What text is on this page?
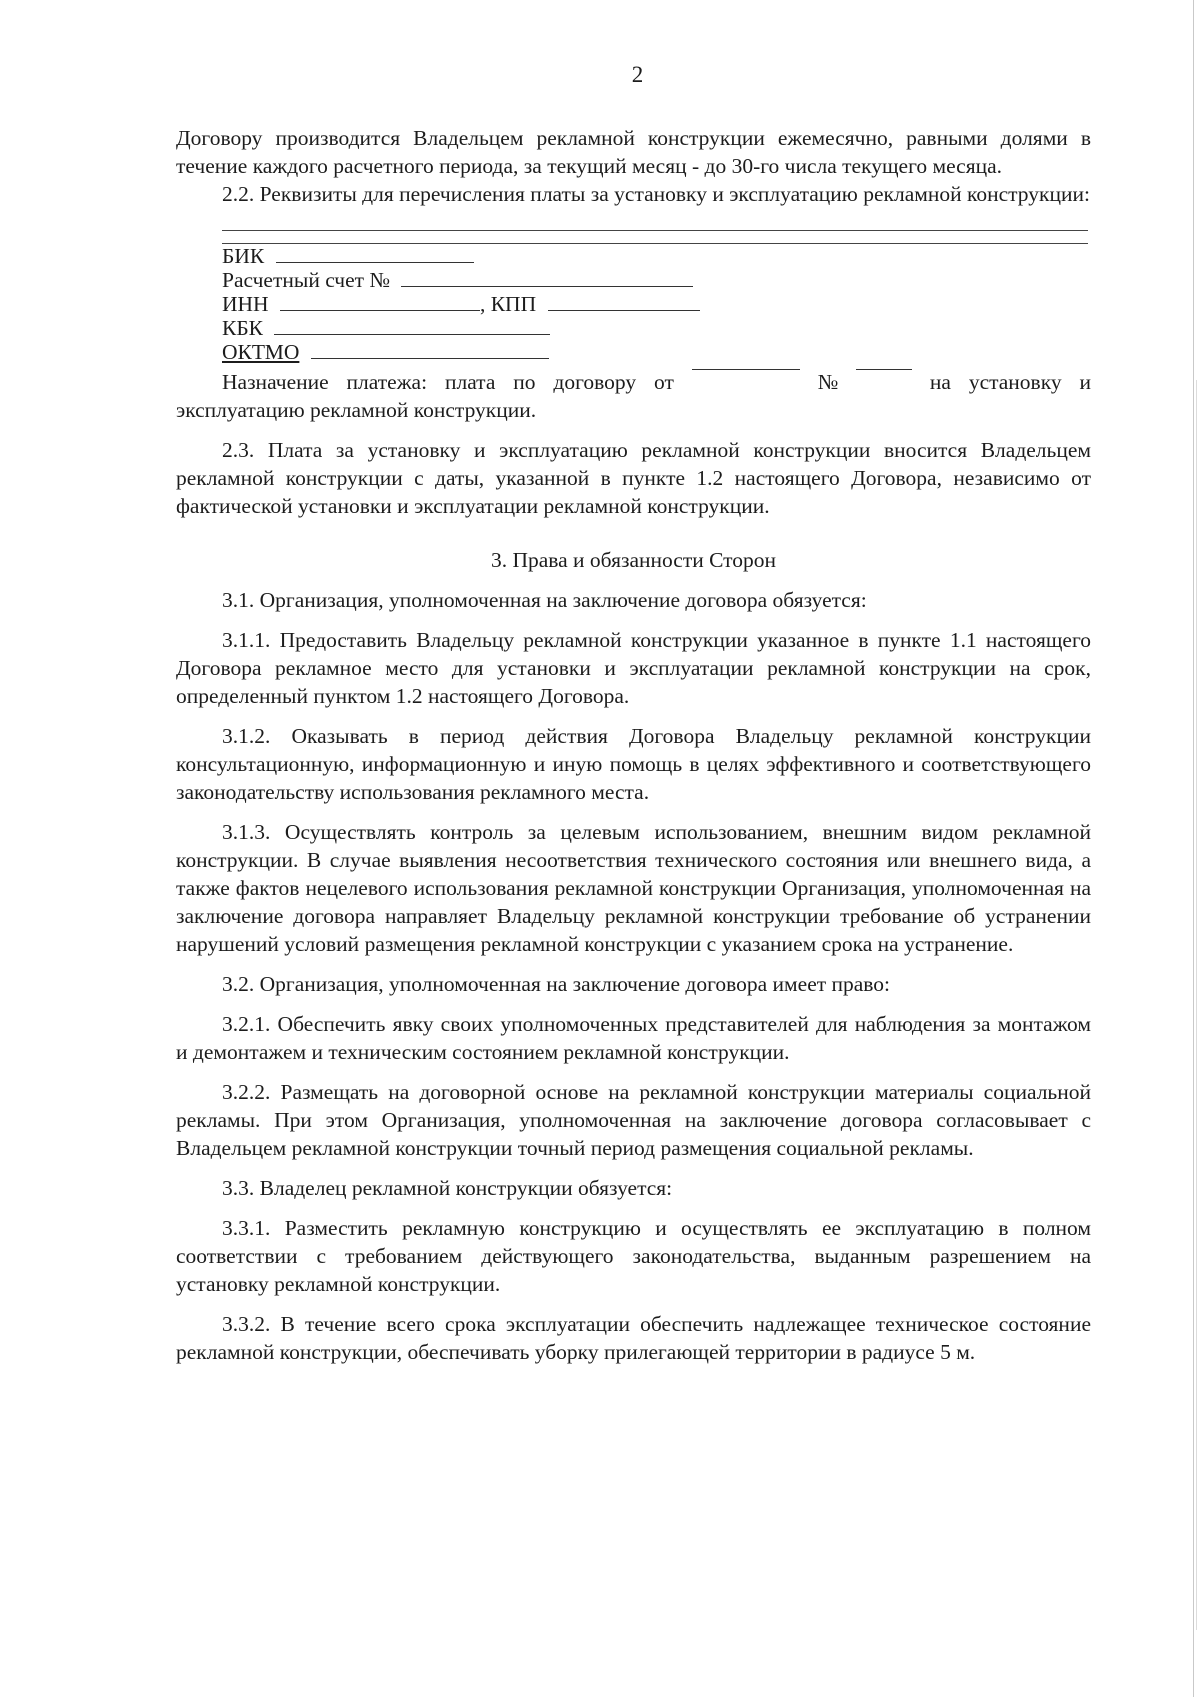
2

Договору производится Владельцем рекламной конструкции ежемесячно, равными долями в течение каждого расчетного периода, за текущий месяц - до 30-го числа текущего месяца.

2.2. Реквизиты для перечисления платы за установку и эксплуатацию рекламной конструкции:

БИК
Расчетный счет №
ИНН	, КПП
КБК
ОКТМО
Назначение платежа: плата по договору от	№	на установку и

эксплуатацию рекламной конструкции.

2.3. Плата за установку и эксплуатацию рекламной конструкции вносится Владельцем рекламной конструкции с даты, указанной в пункте 1.2 настоящего Договора, независимо от фактической установки и эксплуатации рекламной конструкции.

3. Права и обязанности Сторон

3.1. Организация, уполномоченная на заключение договора обязуется:

3.1.1. Предоставить Владельцу рекламной конструкции указанное в пункте 1.1 настоящего Договора рекламное место для установки и эксплуатации рекламной конструкции на срок, определенный пунктом 1.2 настоящего Договора.

3.1.2. Оказывать в период действия Договора Владельцу рекламной конструкции консультационную, информационную и иную помощь в целях эффективного и соответствующего законодательству использования рекламного места.

3.1.3. Осуществлять контроль за целевым использованием, внешним видом рекламной конструкции. В случае выявления несоответствия технического состояния или внешнего вида, а также фактов нецелевого использования рекламной конструкции Организация, уполномоченная на заключение договора направляет Владельцу рекламной конструкции требование об устранении нарушений условий размещения рекламной конструкции с указанием срока на устранение.

3.2. Организация, уполномоченная на заключение договора имеет право:

3.2.1. Обеспечить явку своих уполномоченных представителей для наблюдения за монтажом и демонтажем и техническим состоянием рекламной конструкции.

3.2.2. Размещать на договорной основе на рекламной конструкции материалы социальной рекламы. При этом Организация, уполномоченная на заключение договора согласовывает с Владельцем рекламной конструкции точный период размещения социальной рекламы.

3.3. Владелец рекламной конструкции обязуется:

3.3.1. Разместить рекламную конструкцию и осуществлять ее эксплуатацию в полном соответствии с требованием действующего законодательства, выданным разрешением на установку рекламной конструкции.

3.3.2. В течение всего срока эксплуатации обеспечить надлежащее техническое состояние рекламной конструкции, обеспечивать уборку прилегающей территории в радиусе 5 м.
